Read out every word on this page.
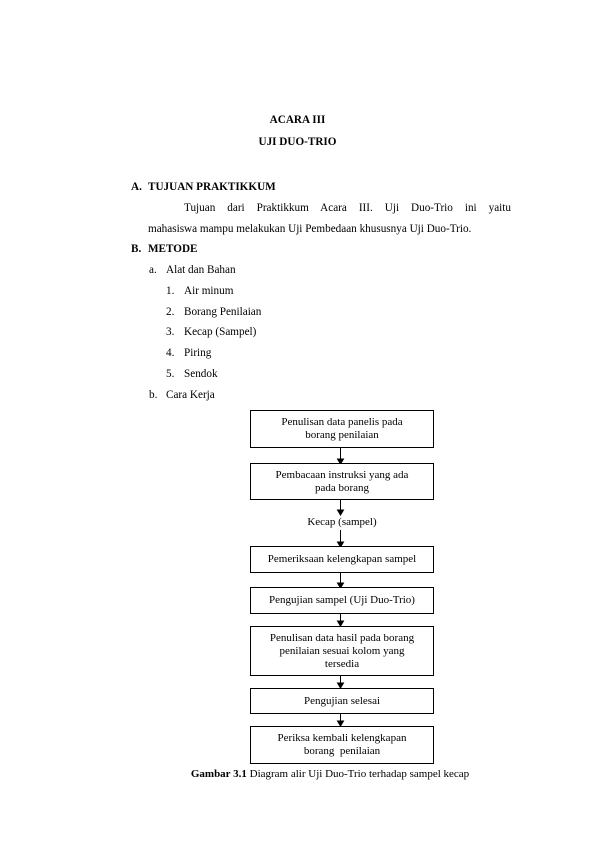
ACARA III
UJI DUO-TRIO
A. TUJUAN PRAKTIKKUM
Tujuan dari Praktikkum Acara III. Uji Duo-Trio ini yaitu
mahasiswa mampu melakukan Uji Pembedaan khususnya Uji Duo-Trio.
B. METODE
a. Alat dan Bahan
1. Air minum
2. Borang Penilaian
3. Kecap (Sampel)
4. Piring
5. Sendok
b. Cara Kerja
Penulisan data panelis pada
borang penilaian
Pembacaan instruksi yang ada
pada borang
Kecap (sampel)
Pemeriksaan kelengkapan sampel
Pengujian sampel (Uji Duo-Trio)
Penulisan data hasil pada borang
penilaian sesuai kolom yang
tersedia
Pengujian selesai
Periksa kembali kelengkapan
borang  penilaian
Gambar 3.1 Diagram alir Uji Duo-Trio terhadap sampel kecap
